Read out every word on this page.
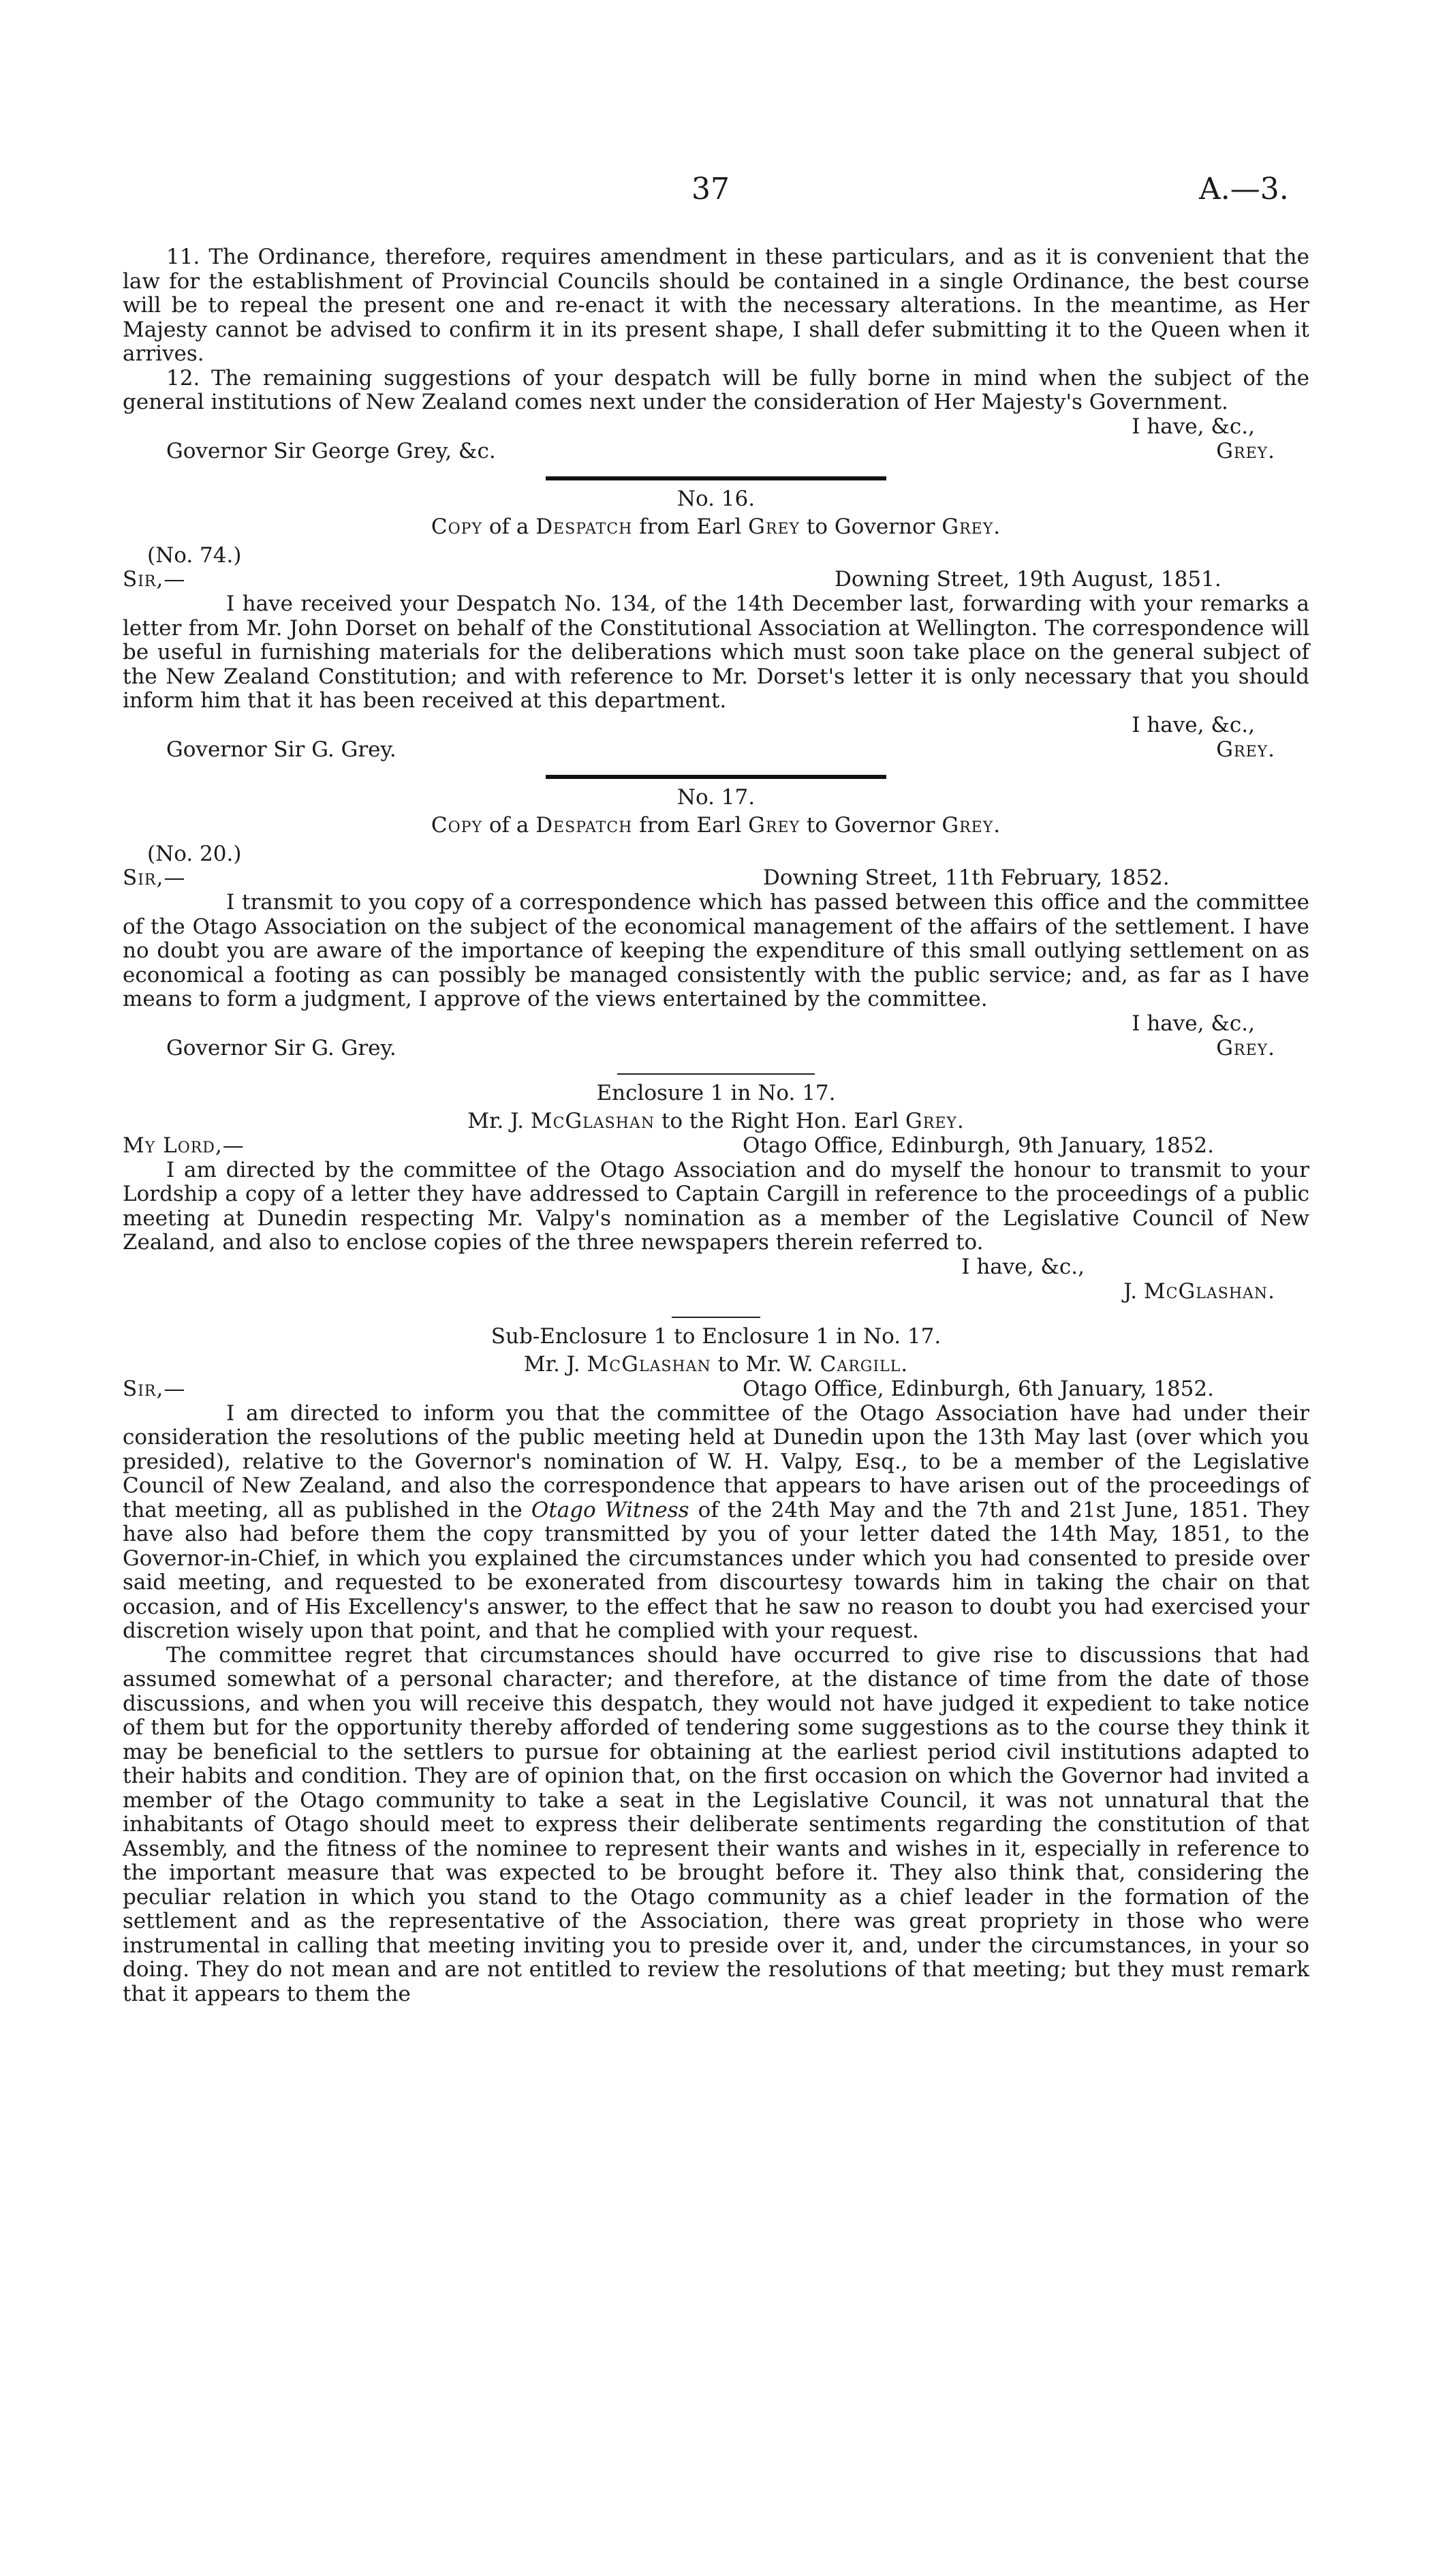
37	A.—3.

11. The Ordinance, therefore, requires amendment in these particulars, and as it is convenient that the law for the establishment of Provincial Councils should be contained in a single Ordinance, the best course will be to repeal the present one and re-enact it with the necessary alterations. In the meantime, as Her Majesty cannot be advised to confirm it in its present shape, I shall defer submitting it to the Queen when it arrives.

12. The remaining suggestions of your despatch will be fully borne in mind when the subject of the general institutions of New Zealand comes next under the consideration of Her Majesty's Government.

I have, &c.,
Governor Sir George Grey, &c.	Grey.
No. 16.
Copy of a Despatch from Earl Grey to Governor Grey.
(No. 74.)
Sir,—	Downing Street, 19th August, 1851.

I have received your Despatch No. 134, of the 14th December last, forwarding with your remarks a letter from Mr. John Dorset on behalf of the Constitutional Association at Wellington. The correspondence will be useful in furnishing materials for the deliberations which must soon take place on the general subject of the New Zealand Constitution; and with reference to Mr. Dorset's letter it is only necessary that you should inform him that it has been received at this department.

I have, &c.,
Governor Sir G. Grey.	Grey.
No. 17.
Copy of a Despatch from Earl Grey to Governor Grey.
(No. 20.)
Sir,—	Downing Street, 11th February, 1852.

I transmit to you copy of a correspondence which has passed between this office and the committee of the Otago Association on the subject of the economical management of the affairs of the settlement. I have no doubt you are aware of the importance of keeping the expenditure of this small outlying settlement on as economical a footing as can possibly be managed consistently with the public service; and, as far as I have means to form a judgment, I approve of the views entertained by the committee.

I have, &c.,
Governor Sir G. Grey.	Grey.
Enclosure 1 in No. 17.
Mr. J. McGlashan to the Right Hon. Earl Grey.
My Lord,—	Otago Office, Edinburgh, 9th January, 1852.

I am directed by the committee of the Otago Association and do myself the honour to transmit to your Lordship a copy of a letter they have addressed to Captain Cargill in reference to the proceedings of a public meeting at Dunedin respecting Mr. Valpy's nomination as a member of the Legislative Council of New Zealand, and also to enclose copies of the three newspapers therein referred to.

I have, &c.,
J. McGlashan.
Sub-Enclosure 1 to Enclosure 1 in No. 17.
Mr. J. McGlashan to Mr. W. Cargill.
Sir,—	Otago Office, Edinburgh, 6th January, 1852.

I am directed to inform you that the committee of the Otago Association have had under their consideration the resolutions of the public meeting held at Dunedin upon the 13th May last (over which you presided), relative to the Governor's nomination of W. H. Valpy, Esq., to be a member of the Legislative Council of New Zealand, and also the correspondence that appears to have arisen out of the proceedings of that meeting, all as published in the Otago Witness of the 24th May and the 7th and 21st June, 1851. They have also had before them the copy transmitted by you of your letter dated the 14th May, 1851, to the Governor-in-Chief, in which you explained the circumstances under which you had consented to preside over said meeting, and requested to be exonerated from discourtesy towards him in taking the chair on that occasion, and of His Excellency's answer, to the effect that he saw no reason to doubt you had exercised your discretion wisely upon that point, and that he complied with your request.

The committee regret that circumstances should have occurred to give rise to discussions that had assumed somewhat of a personal character; and therefore, at the distance of time from the date of those discussions, and when you will receive this despatch, they would not have judged it expedient to take notice of them but for the opportunity thereby afforded of tendering some suggestions as to the course they think it may be beneficial to the settlers to pursue for obtaining at the earliest period civil institutions adapted to their habits and condition. They are of opinion that, on the first occasion on which the Governor had invited a member of the Otago community to take a seat in the Legislative Council, it was not unnatural that the inhabitants of Otago should meet to express their deliberate sentiments regarding the constitution of that Assembly, and the fitness of the nominee to represent their wants and wishes in it, especially in reference to the important measure that was expected to be brought before it. They also think that, considering the peculiar relation in which you stand to the Otago community as a chief leader in the formation of the settlement and as the representative of the Association, there was great propriety in those who were instrumental in calling that meeting inviting you to preside over it, and, under the circumstances, in your so doing. They do not mean and are not entitled to review the resolutions of that meeting; but they must remark that it appears to them the
